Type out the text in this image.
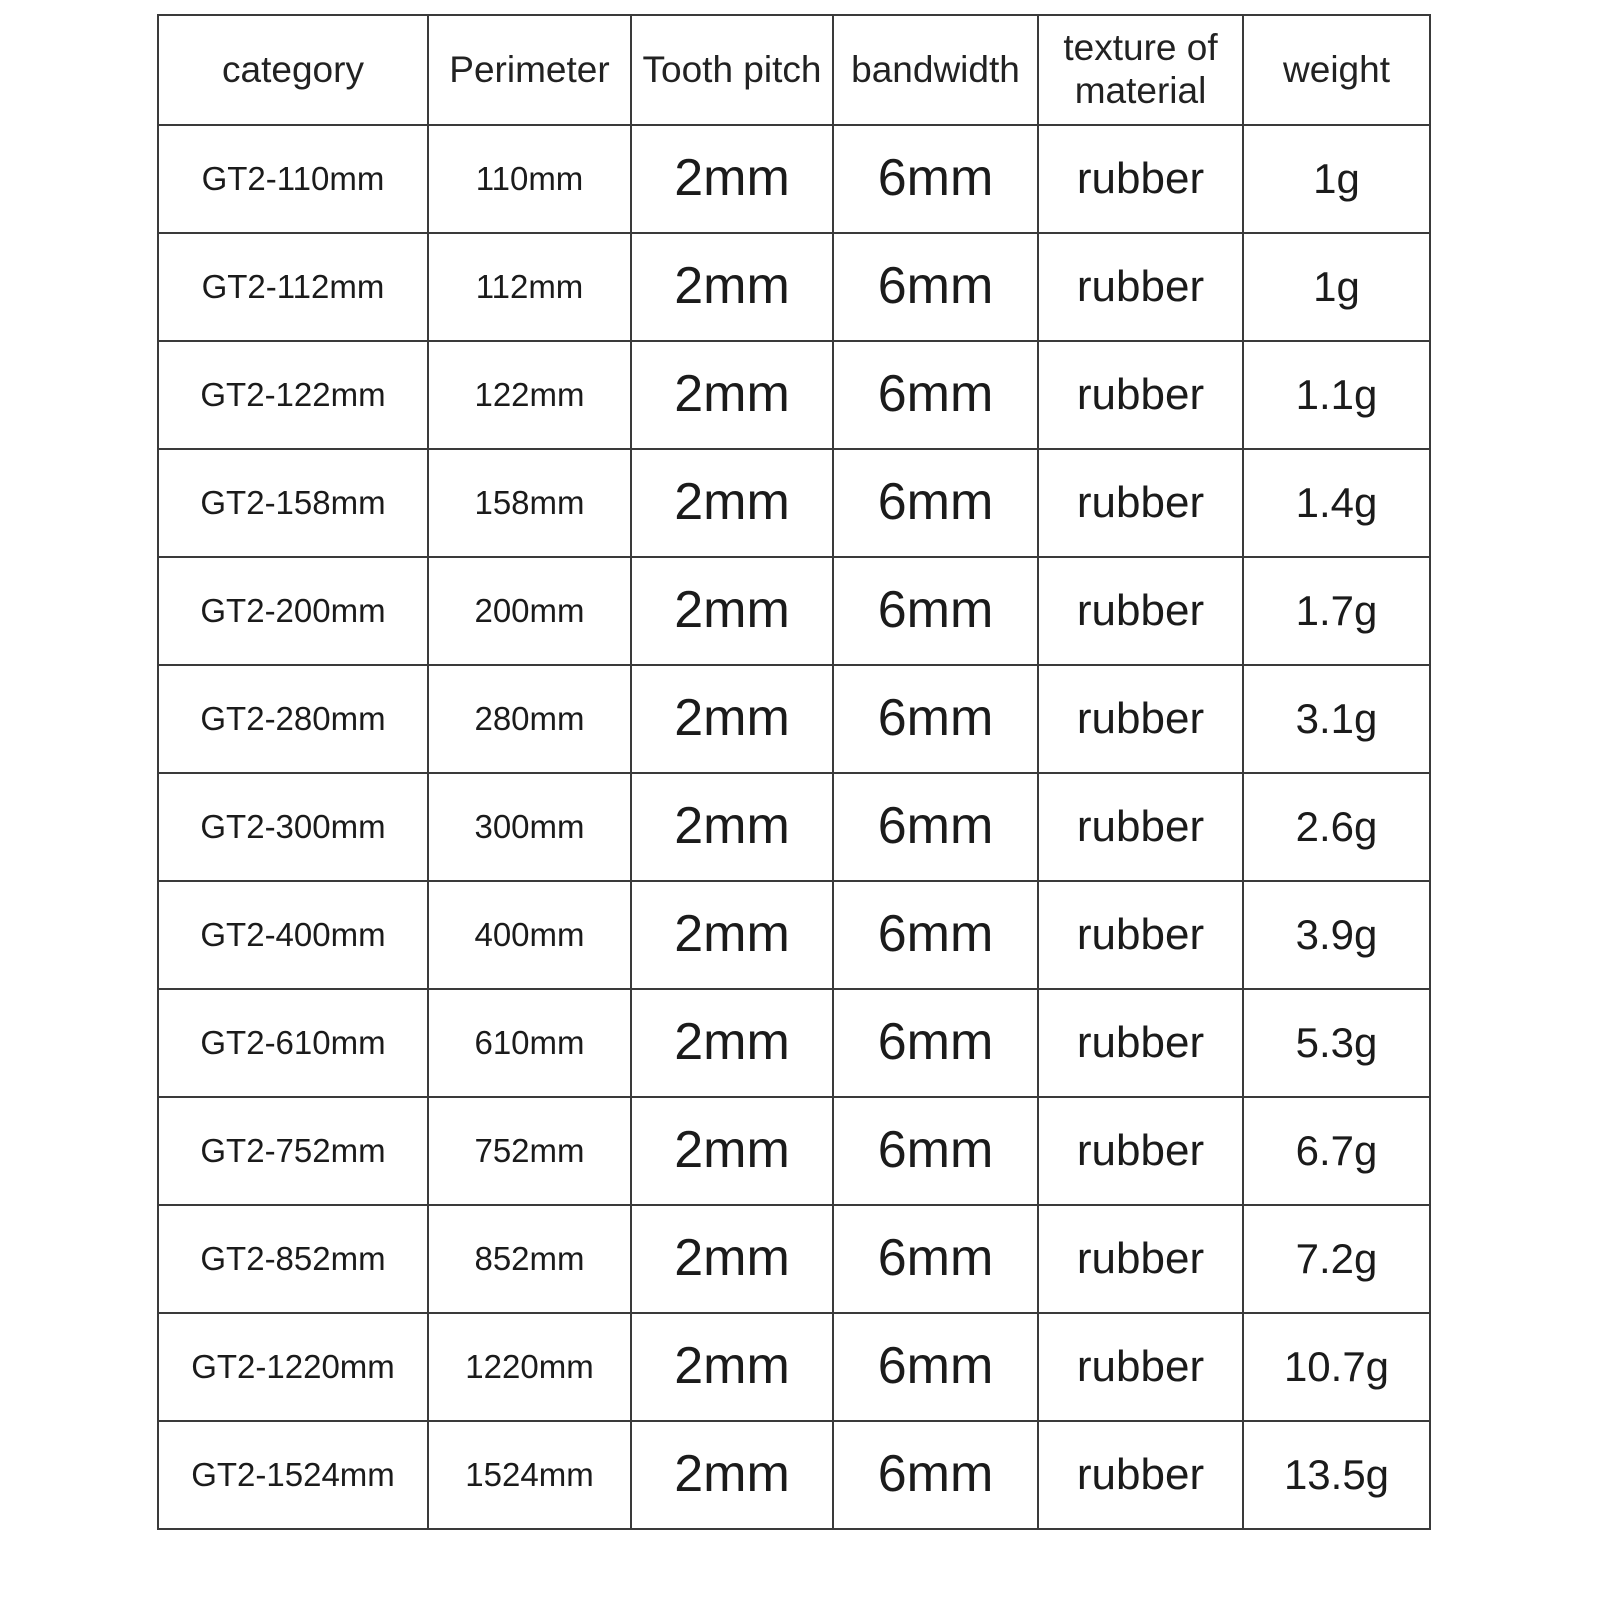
category	Perimeter	Tooth pitch	bandwidth	texture of material	weight
GT2-110mm	110mm	2mm	6mm	rubber	1g
GT2-112mm	112mm	2mm	6mm	rubber	1g
GT2-122mm	122mm	2mm	6mm	rubber	1.1g
GT2-158mm	158mm	2mm	6mm	rubber	1.4g
GT2-200mm	200mm	2mm	6mm	rubber	1.7g
GT2-280mm	280mm	2mm	6mm	rubber	3.1g
GT2-300mm	300mm	2mm	6mm	rubber	2.6g
GT2-400mm	400mm	2mm	6mm	rubber	3.9g
GT2-610mm	610mm	2mm	6mm	rubber	5.3g
GT2-752mm	752mm	2mm	6mm	rubber	6.7g
GT2-852mm	852mm	2mm	6mm	rubber	7.2g
GT2-1220mm	1220mm	2mm	6mm	rubber	10.7g
GT2-1524mm	1524mm	2mm	6mm	rubber	13.5g
